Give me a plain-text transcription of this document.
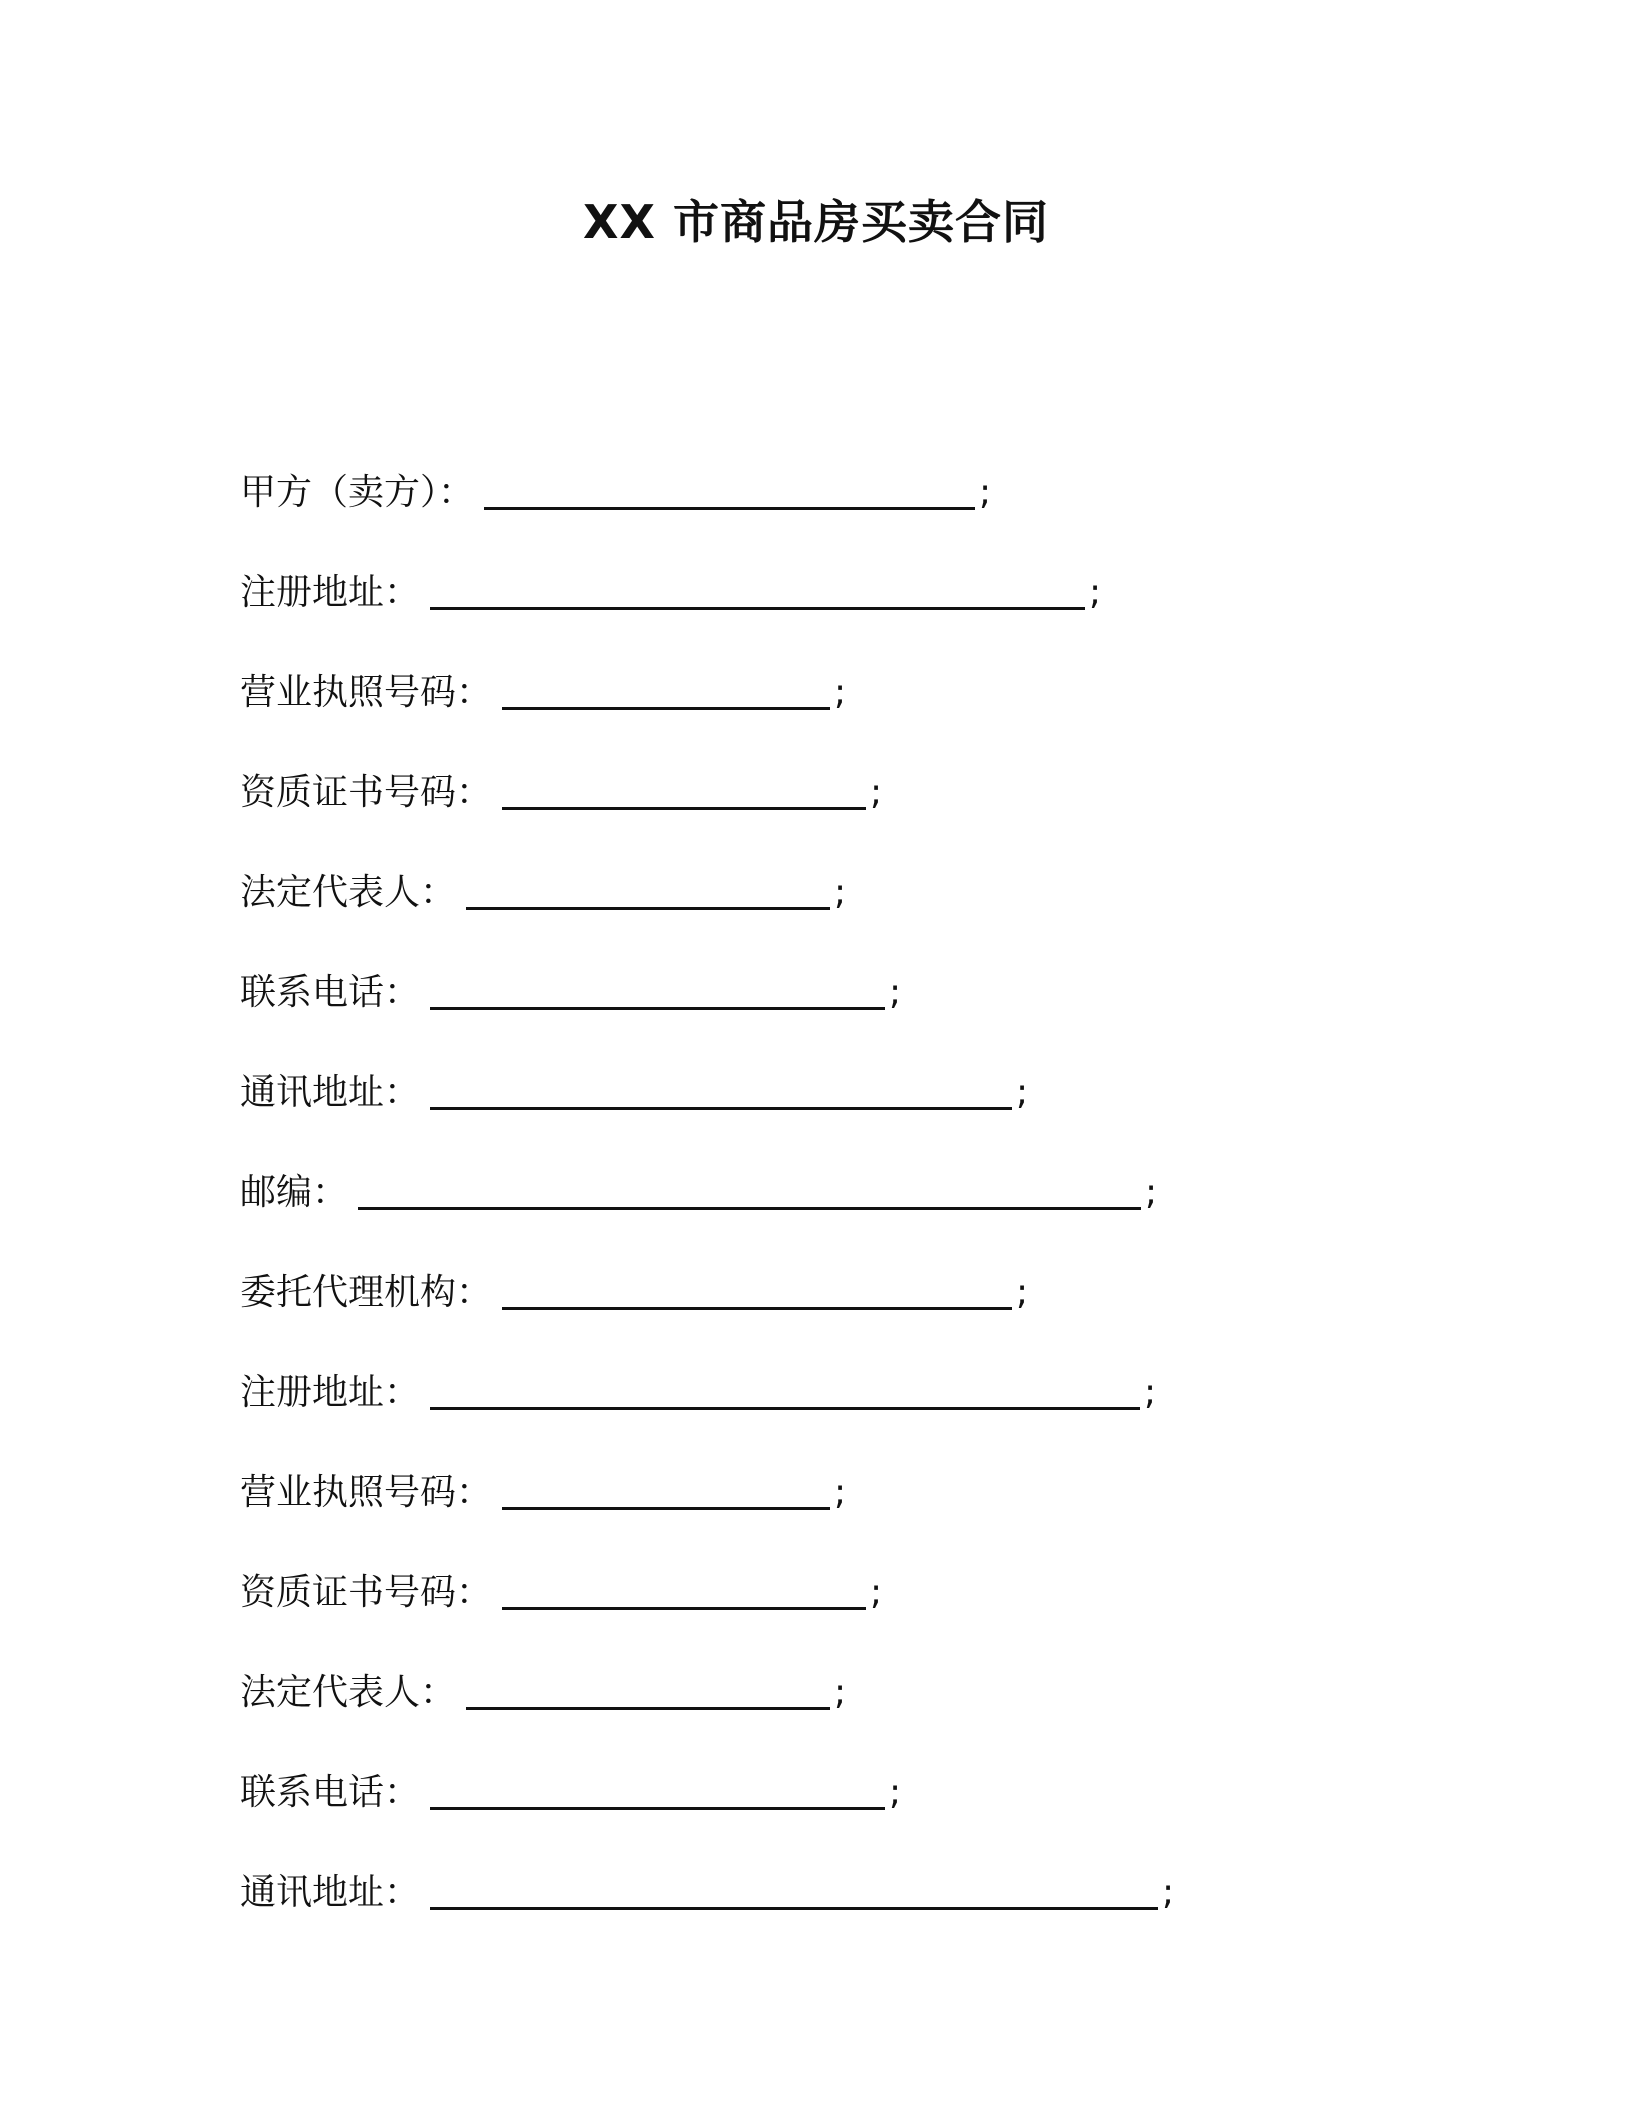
XX 市商品房买卖合同
甲方（卖方）：	;
注册地址：	;
营业执照号码：	;
资质证书号码：	;
法定代表人：	;
联系电话：	;
通讯地址：	;
邮编：	;
委托代理机构：	;
注册地址：	;
营业执照号码：	;
资质证书号码：	;
法定代表人：	;
联系电话：	;
通讯地址：	;
